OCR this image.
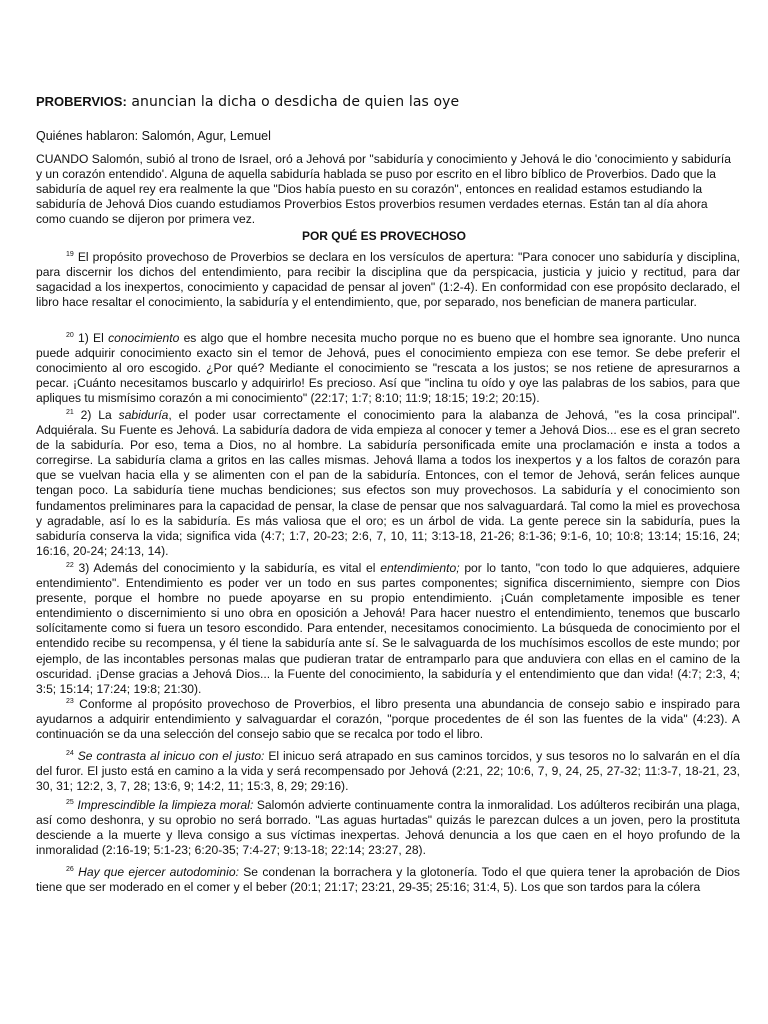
PROBERVIOS: anuncian la dicha o desdicha de quien las oye

Quiénes hablaron: Salomón, Agur, Lemuel

CUANDO Salomón, subió al trono de Israel, oró a Jehová por "sabiduría y conocimiento y Jehová le dio 'conocimiento y sabiduría y un corazón entendido'. Alguna de aquella sabiduría hablada se puso por escrito en el libro bíblico de Proverbios. Dado que la sabiduría de aquel rey era realmente la que "Dios había puesto en su corazón", entonces en realidad estamos estudiando la sabiduría de Jehová Dios cuando estudiamos Proverbios Estos proverbios resumen verdades eternas. Están tan al día ahora como cuando se dijeron por primera vez.

POR QUÉ ES PROVECHOSO

$^{19}$ El propósito provechoso de Proverbios se declara en los versículos de apertura: "Para conocer uno sabiduría y disciplina, para discernir los dichos del entendimiento, para recibir la disciplina que da perspicacia, justicia y juicio y rectitud, para dar sagacidad a los inexpertos, conocimiento y capacidad de pensar al joven" (1:2-4). En conformidad con ese propósito declarado, el libro hace resaltar el conocimiento, la sabiduría y el entendimiento, que, por separado, nos benefician de manera particular.

$^{20}$ 1) El conocimiento es algo que el hombre necesita mucho porque no es bueno que el hombre sea ignorante. Uno nunca puede adquirir conocimiento exacto sin el temor de Jehová, pues el conocimiento empieza con ese temor. Se debe preferir el conocimiento al oro escogido. ¿Por qué? Mediante el conocimiento se "rescata a los justos; se nos retiene de apresurarnos a pecar. ¡Cuánto necesitamos buscarlo y adquirirlo! Es precioso. Así que "inclina tu oído y oye las palabras de los sabios, para que apliques tu mismísimo corazón a mi conocimiento" (22:17; 1:7; 8:10; 11:9; 18:15; 19:2; 20:15).

$^{21}$ 2) La sabiduría, el poder usar correctamente el conocimiento para la alabanza de Jehová, "es la cosa principal". Adquiérala. Su Fuente es Jehová. La sabiduría dadora de vida empieza al conocer y temer a Jehová Dios... ese es el gran secreto de la sabiduría. Por eso, tema a Dios, no al hombre. La sabiduría personificada emite una proclamación e insta a todos a corregirse. La sabiduría clama a gritos en las calles mismas. Jehová llama a todos los inexpertos y a los faltos de corazón para que se vuelvan hacia ella y se alimenten con el pan de la sabiduría. Entonces, con el temor de Jehová, serán felices aunque tengan poco. La sabiduría tiene muchas bendiciones; sus efectos son muy provechosos. La sabiduría y el conocimiento son fundamentos preliminares para la capacidad de pensar, la clase de pensar que nos salvaguardará. Tal como la miel es provechosa y agradable, así lo es la sabiduría. Es más valiosa que el oro; es un árbol de vida. La gente perece sin la sabiduría, pues la sabiduría conserva la vida; significa vida (4:7; 1:7, 20-23; 2:6, 7, 10, 11; 3:13-18, 21-26; 8:1-36; 9:1-6, 10; 10:8; 13:14; 15:16, 24; 16:16, 20-24; 24:13, 14).

$^{22}$ 3) Además del conocimiento y la sabiduría, es vital el entendimiento; por lo tanto, "con todo lo que adquieres, adquiere entendimiento". Entendimiento es poder ver un todo en sus partes componentes; significa discernimiento, siempre con Dios presente, porque el hombre no puede apoyarse en su propio entendimiento. ¡Cuán completamente imposible es tener entendimiento o discernimiento si uno obra en oposición a Jehová! Para hacer nuestro el entendimiento, tenemos que buscarlo solícitamente como si fuera un tesoro escondido. Para entender, necesitamos conocimiento. La búsqueda de conocimiento por el entendido recibe su recompensa, y él tiene la sabiduría ante sí. Se le salvaguarda de los muchísimos escollos de este mundo; por ejemplo, de las incontables personas malas que pudieran tratar de entramparlo para que anduviera con ellas en el camino de la oscuridad. ¡Dense gracias a Jehová Dios... la Fuente del conocimiento, la sabiduría y el entendimiento que dan vida! (4:7; 2:3, 4; 3:5; 15:14; 17:24; 19:8; 21:30).

$^{23}$ Conforme al propósito provechoso de Proverbios, el libro presenta una abundancia de consejo sabio e inspirado para ayudarnos a adquirir entendimiento y salvaguardar el corazón, "porque procedentes de él son las fuentes de la vida" (4:23). A continuación se da una selección del consejo sabio que se recalca por todo el libro.

$^{24}$ Se contrasta al inicuo con el justo: El inicuo será atrapado en sus caminos torcidos, y sus tesoros no lo salvarán en el día del furor. El justo está en camino a la vida y será recompensado por Jehová (2:21, 22; 10:6, 7, 9, 24, 25, 27-32; 11:3-7, 18-21, 23, 30, 31; 12:2, 3, 7, 28; 13:6, 9; 14:2, 11; 15:3, 8, 29; 29:16).

$^{25}$ Imprescindible la limpieza moral: Salomón advierte continuamente contra la inmoralidad. Los adúlteros recibirán una plaga, así como deshonra, y su oprobio no será borrado. "Las aguas hurtadas" quizás le parezcan dulces a un joven, pero la prostituta desciende a la muerte y lleva consigo a sus víctimas inexpertas. Jehová denuncia a los que caen en el hoyo profundo de la inmoralidad (2:16-19; 5:1-23; 6:20-35; 7:4-27; 9:13-18; 22:14; 23:27, 28).

$^{26}$ Hay que ejercer autodominio: Se condenan la borrachera y la glotonería. Todo el que quiera tener la aprobación de Dios tiene que ser moderado en el comer y el beber (20:1; 21:17; 23:21, 29-35; 25:16; 31:4, 5). Los que son tardos para la cólera
